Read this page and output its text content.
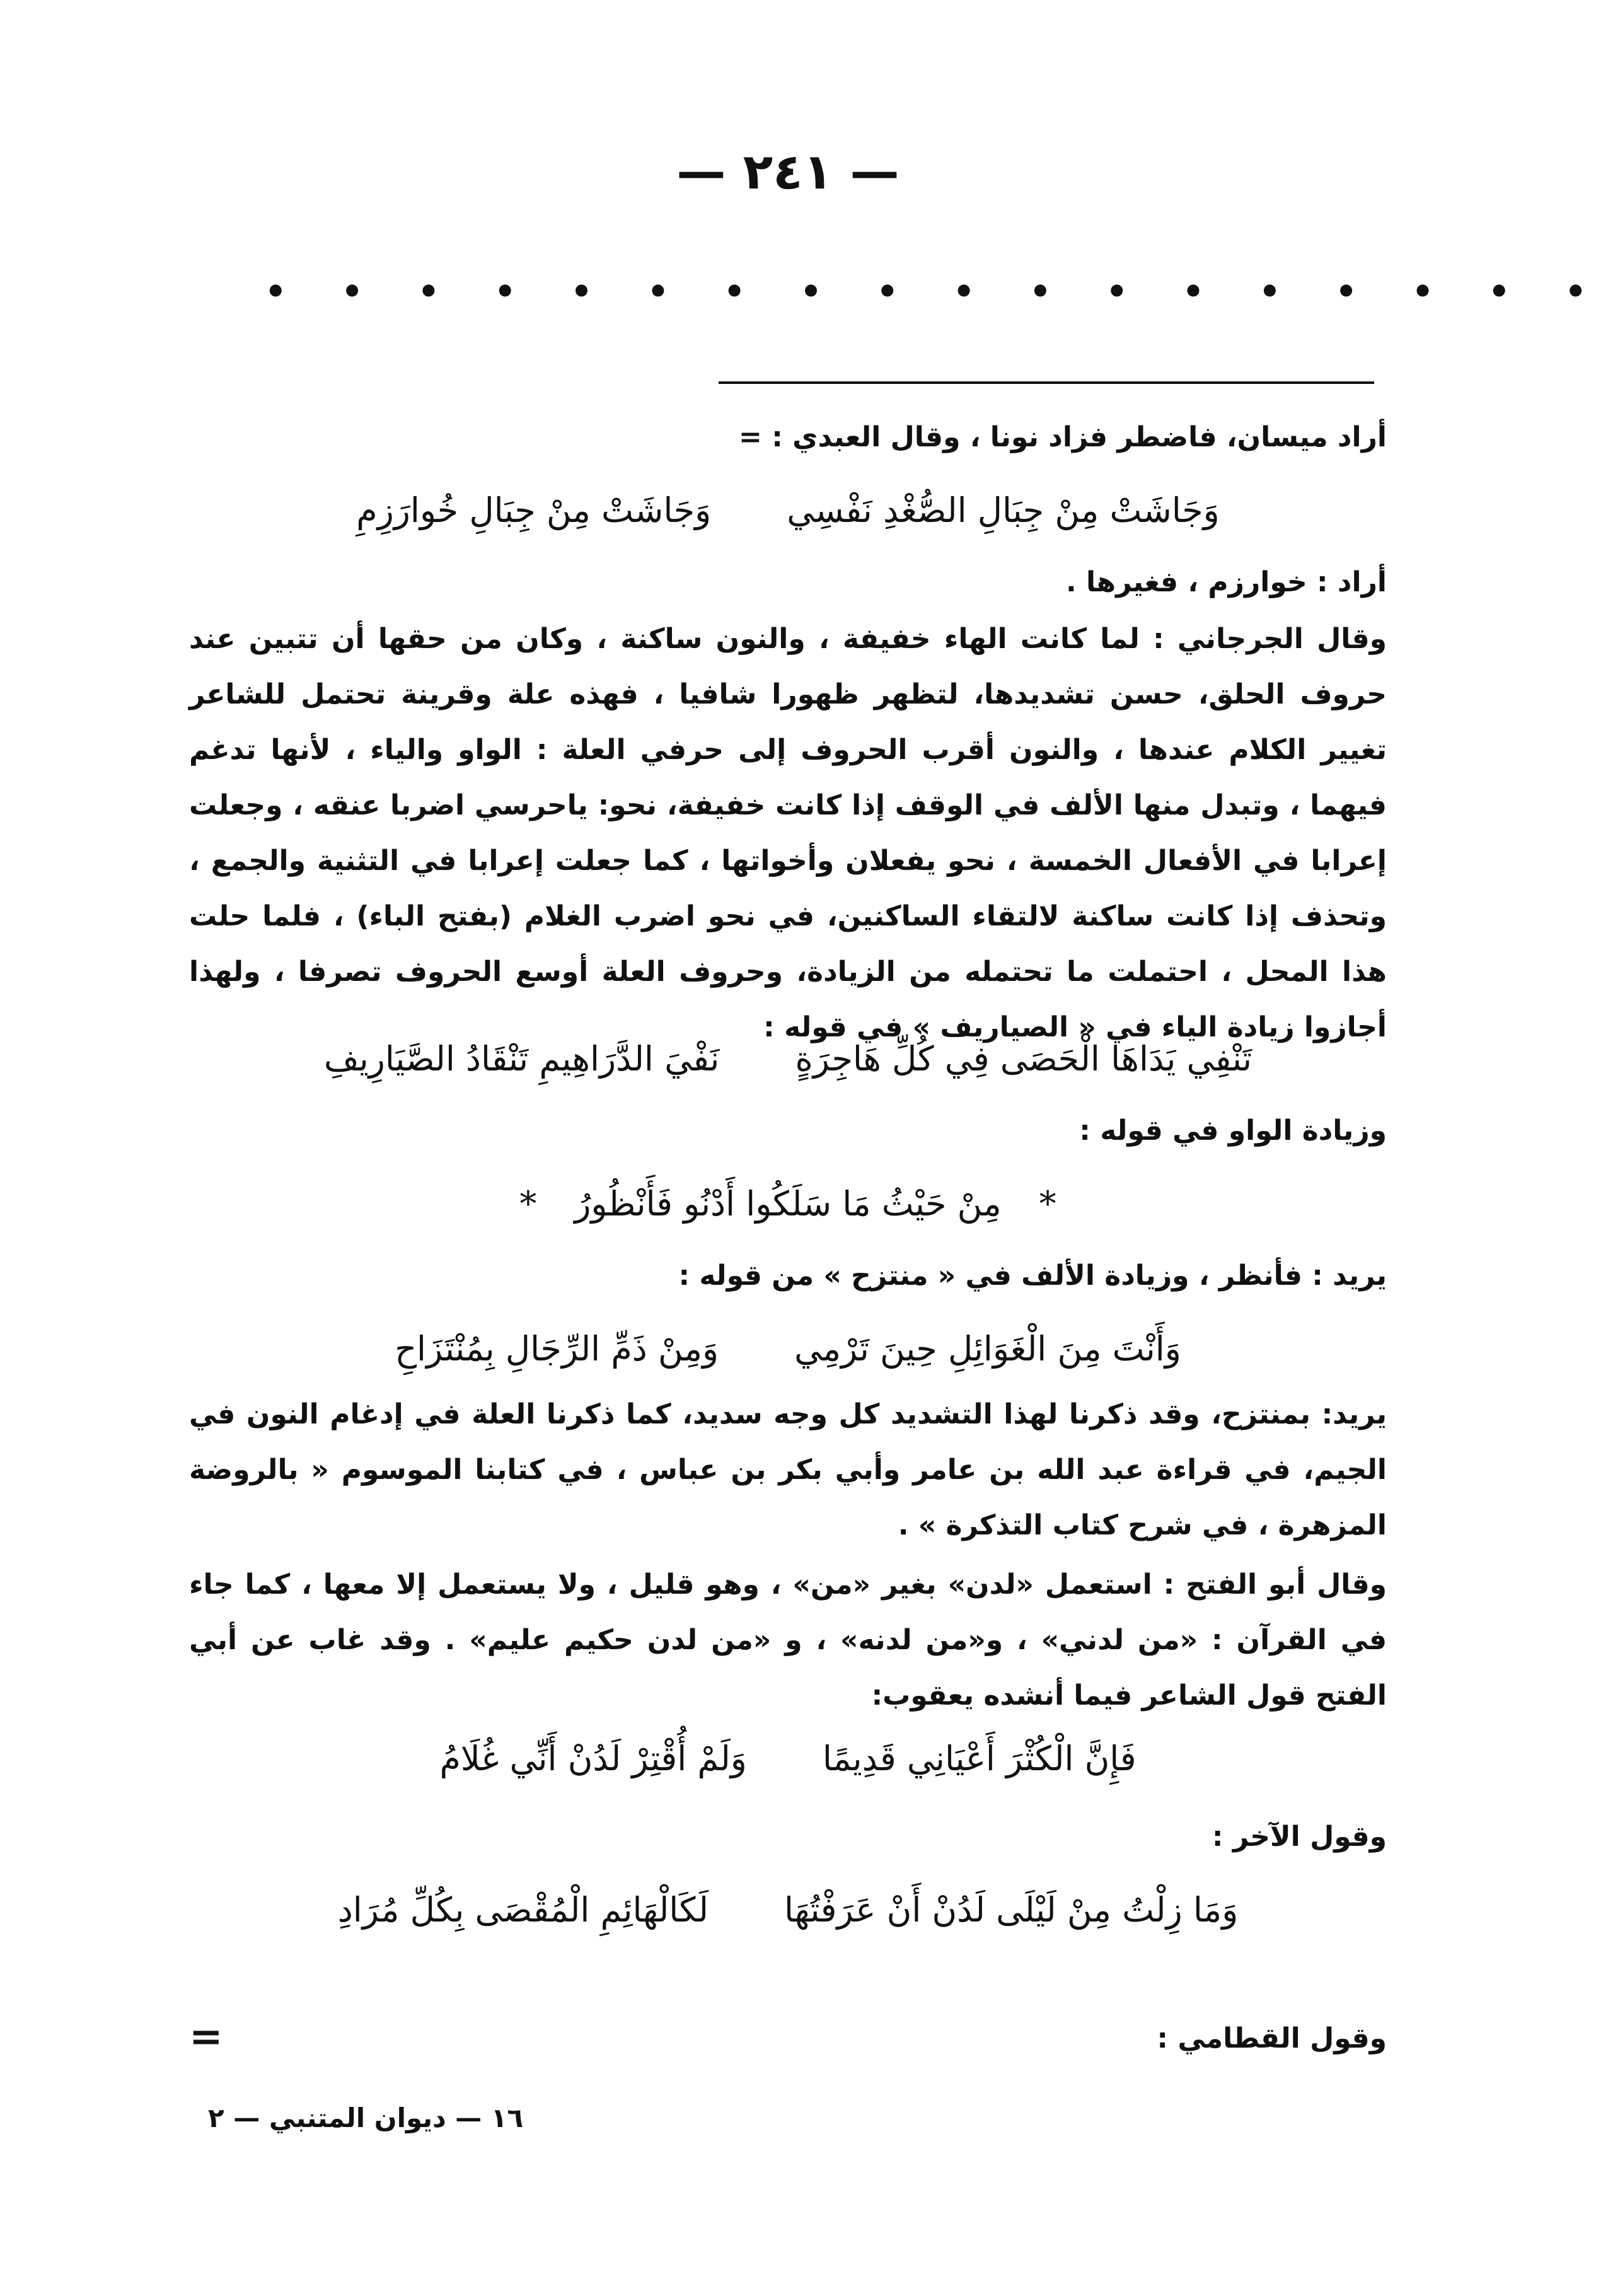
— ٢٤١ —
• • • • • • • • • • • • • • • • • •
أراد ميسان، فاضطر فزاد نونا ، وقال العبدي : =
وَجَاشَتْ مِنْ جِبَالِ الصُّغْدِ نَفْسِي
وَجَاشَتْ مِنْ جِبَالِ خُوارَزِمِ
أراد : خوارزم ، فغيرها .
وقال الجرجاني : لما كانت الهاء خفيفة ، والنون ساكنة ، وكان من حقها أن تتبين عند حروف الحلق، حسن تشديدها، لتظهر ظهورا شافيا ، فهذه علة وقرينة تحتمل للشاعر تغيير الكلام عندها ، والنون أقرب الحروف إلى حرفي العلة : الواو والياء ، لأنها تدغم فيهما ، وتبدل منها الألف في الوقف إذا كانت خفيفة، نحو: ياحرسي اضربا عنقه ، وجعلت إعرابا في الأفعال الخمسة ، نحو يفعلان وأخواتها ، كما جعلت إعرابا في التثنية والجمع ، وتحذف إذا كانت ساكنة لالتقاء الساكنين، في نحو اضرب الغلام (بفتح الباء) ، فلما حلت هذا المحل ، احتملت ما تحتمله من الزيادة، وحروف العلة أوسع الحروف تصرفا ، ولهذا أجازوا زيادة الياء في « الصياريف » في قوله :
تَنْفِي يَدَاهَا الْحَصَى فِي كُلِّ هَاجِرَةٍ
نَفْيَ الدَّرَاهِيمِ تَنْقَادُ الصَّيَارِيفِ
وزيادة الواو في قوله :
*
مِنْ حَيْثُ مَا سَلَكُوا أَدْنُو فَأَنْظُورُ
*
يريد : فأنظر ، وزيادة الألف في « منتزح » من قوله :
وَأَنْتَ مِنَ الْغَوَائِلِ حِينَ تَرْمِي
وَمِنْ ذَمِّ الرِّجَالِ بِمُنْتَزَاحِ
يريد: بمنتزح، وقد ذكرنا لهذا التشديد كل وجه سديد، كما ذكرنا العلة في إدغام النون في الجيم، في قراءة عبد الله بن عامر وأبي بكر بن عباس ، في كتابنا الموسوم « بالروضة المزهرة ، في شرح كتاب التذكرة » .
وقال أبو الفتح : استعمل «لدن» بغير «من» ، وهو قليل ، ولا يستعمل إلا معها ، كما جاء في القرآن : «من لدني» ، و«من لدنه» ، و «من لدن حكيم عليم» . وقد غاب عن أبي الفتح قول الشاعر فيما أنشده يعقوب:
فَإِنَّ الْكُثْرَ أَعْيَانِي قَدِيمًا
وَلَمْ أُقْتِرْ لَدُنْ أَنِّي غُلَامُ
وقول الآخر :
وَمَا زِلْتُ مِنْ لَيْلَى لَدُنْ أَنْ عَرَفْتُهَا
لَكَالْهَائِمِ الْمُقْصَى بِكُلِّ مُرَادِ
وقول القطامي :
=
١٦ — ديوان المتنبي — ٢
